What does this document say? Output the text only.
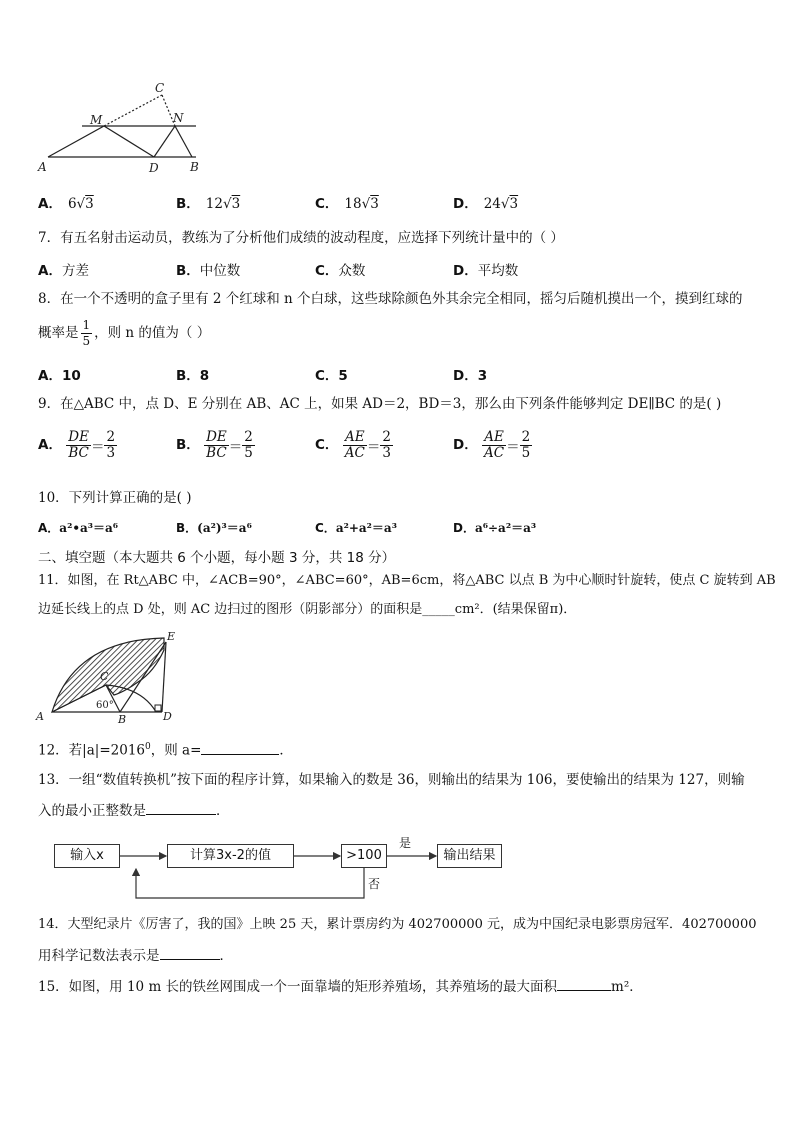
C
M	N
A	D	B
A． 6√3	B． 12√3	C． 18√3	D． 24√3
7．有五名射击运动员，教练为了分析他们成绩的波动程度，应选择下列统计量中的（ ）
A．方差	B．中位数	C．众数	D．平均数
8．在一个不透明的盒子里有 2 个红球和 n 个白球，这些球除颜色外其余完全相同，摇匀后随机摸出一个，摸到红球的
概率是 $\frac{1}{5}$ ，则 n 的值为（ ）
A．10	B．8	C．5	D．3
9．在△ABC 中，点 D、E 分别在 AB、AC 上，如果 AD＝2，BD＝3，那么由下列条件能够判定 DE∥BC 的是( )
A． $\frac{DE}{BC} = \frac{2}{3}$	B． $\frac{DE}{BC} = \frac{2}{5}$	C． $\frac{AE}{AC} = \frac{2}{3}$	D． $\frac{AE}{AC} = \frac{2}{5}$
10．下列计算正确的是( )
A．a²•a³＝a⁶	B．(a²)³＝a⁶	C．a²+a²＝a³	D．a⁶÷a²＝a³
二、填空题（本大题共 6 个小题，每小题 3 分，共 18 分）
11．如图，在 Rt△ABC 中，∠ACB=90°，∠ABC=60°，AB=6cm，将△ABC 以点 B 为中心顺时针旋转，使点 C 旋转到 AB
边延长线上的点 D 处，则 AC 边扫过的图形（阴影部分）的面积是_____cm²．(结果保留π)．
E
C
60°
A	B	D
12．若$|a|=2016^0$，则 a=	．
13．一组“数值转换机”按下面的程序计算，如果输入的数是 36，则输出的结果为 106，要使输出的结果为 127，则输
入的最小正整数是	．
输入x	计算3x-2的值	>100	输出结果
是
否
14．大型纪录片《厉害了，我的国》上映 25 天，累计票房约为 402700000 元，成为中国纪录电影票房冠军．402700000
用科学记数法表示是	．
15．如图，用 10 m 长的铁丝网围成一个一面靠墙的矩形养殖场，其养殖场的最大面积	m²．
